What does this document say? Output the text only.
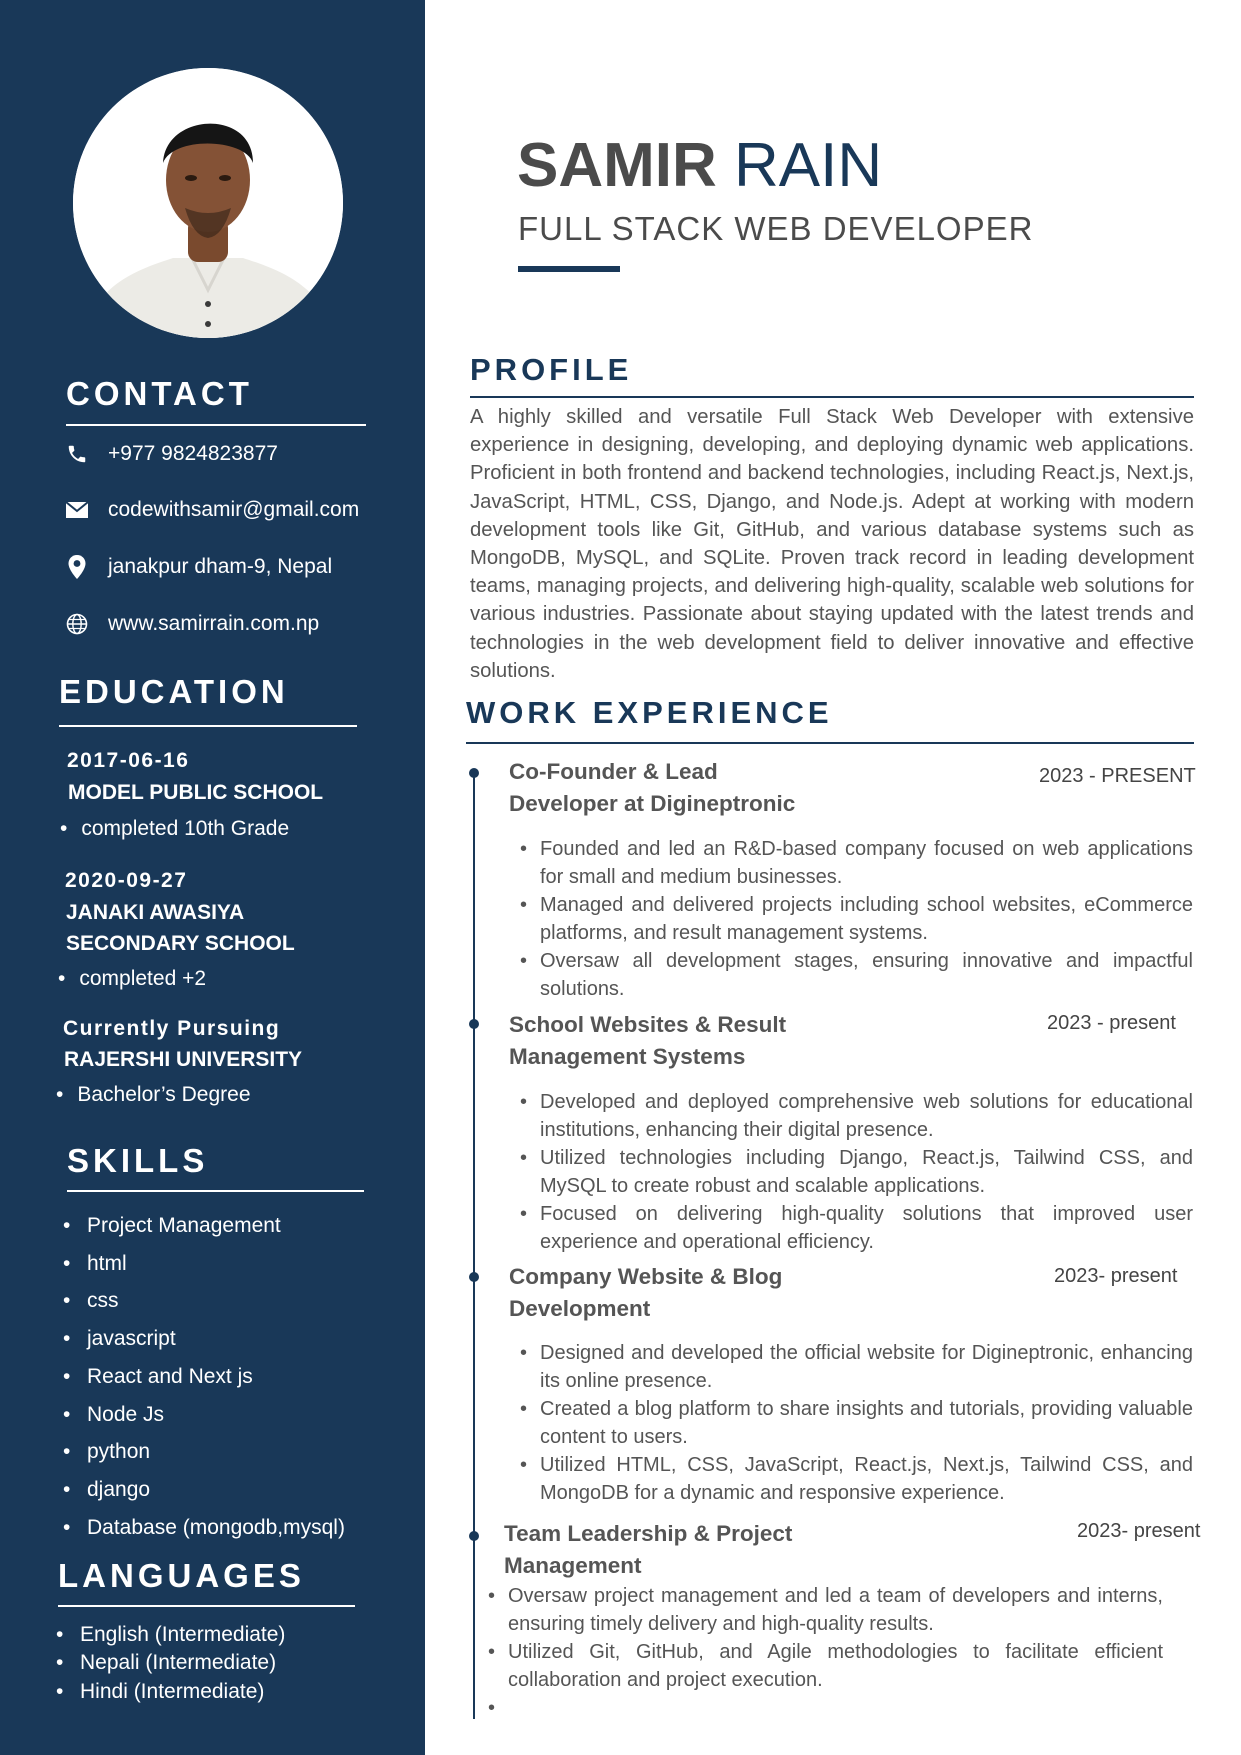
CONTACT
+977 9824823877
codewithsamir@gmail.com
janakpur dham-9, Nepal
www.samirrain.com.np
EDUCATION
2017-06-16
MODEL PUBLIC SCHOOL
• completed 10th Grade
2020-09-27
JANAKI AWASIYA
SECONDARY SCHOOL
• completed +2
Currently Pursuing
RAJERSHI UNIVERSITY
• Bachelor’s Degree
SKILLS
• Project Management
• html
• css
• javascript
• React and Next js
• Node Js
• python
• django
• Database (mongodb,mysql)
LANGUAGES
• English (Intermediate)
• Nepali (Intermediate)
• Hindi (Intermediate)
SAMIR RAIN
FULL STACK WEB DEVELOPER
PROFILE
A highly skilled and versatile Full Stack Web Developer with extensive experience in designing, developing, and deploying dynamic web applications. Proficient in both frontend and backend technologies, including React.js, Next.js, JavaScript, HTML, CSS, Django, and Node.js. Adept at working with modern development tools like Git, GitHub, and various database systems such as MongoDB, MySQL, and SQLite. Proven track record in leading development teams, managing projects, and delivering high-quality, scalable web solutions for various industries. Passionate about staying updated with the latest trends and technologies in the web development field to deliver innovative and effective solutions.
WORK EXPERIENCE
Co-Founder & Lead
Developer at Digineptronic
2023 - PRESENT
• Founded and led an R&D-based company focused on web applications for small and medium businesses.
• Managed and delivered projects including school websites, eCommerce platforms, and result management systems.
• Oversaw all development stages, ensuring innovative and impactful solutions.
School Websites & Result
Management Systems
2023 - present
• Developed and deployed comprehensive web solutions for educational institutions, enhancing their digital presence.
• Utilized technologies including Django, React.js, Tailwind CSS, and MySQL to create robust and scalable applications.
• Focused on delivering high-quality solutions that improved user experience and operational efficiency.
Company Website & Blog
Development
2023- present
• Designed and developed the official website for Digineptronic, enhancing its online presence.
• Created a blog platform to share insights and tutorials, providing valuable content to users.
• Utilized HTML, CSS, JavaScript, React.js, Next.js, Tailwind CSS, and MongoDB for a dynamic and responsive experience.
Team Leadership & Project
Management
2023- present
• Oversaw project management and led a team of developers and interns, ensuring timely delivery and high-quality results.
• Utilized Git, GitHub, and Agile methodologies to facilitate efficient collaboration and project execution.
•
